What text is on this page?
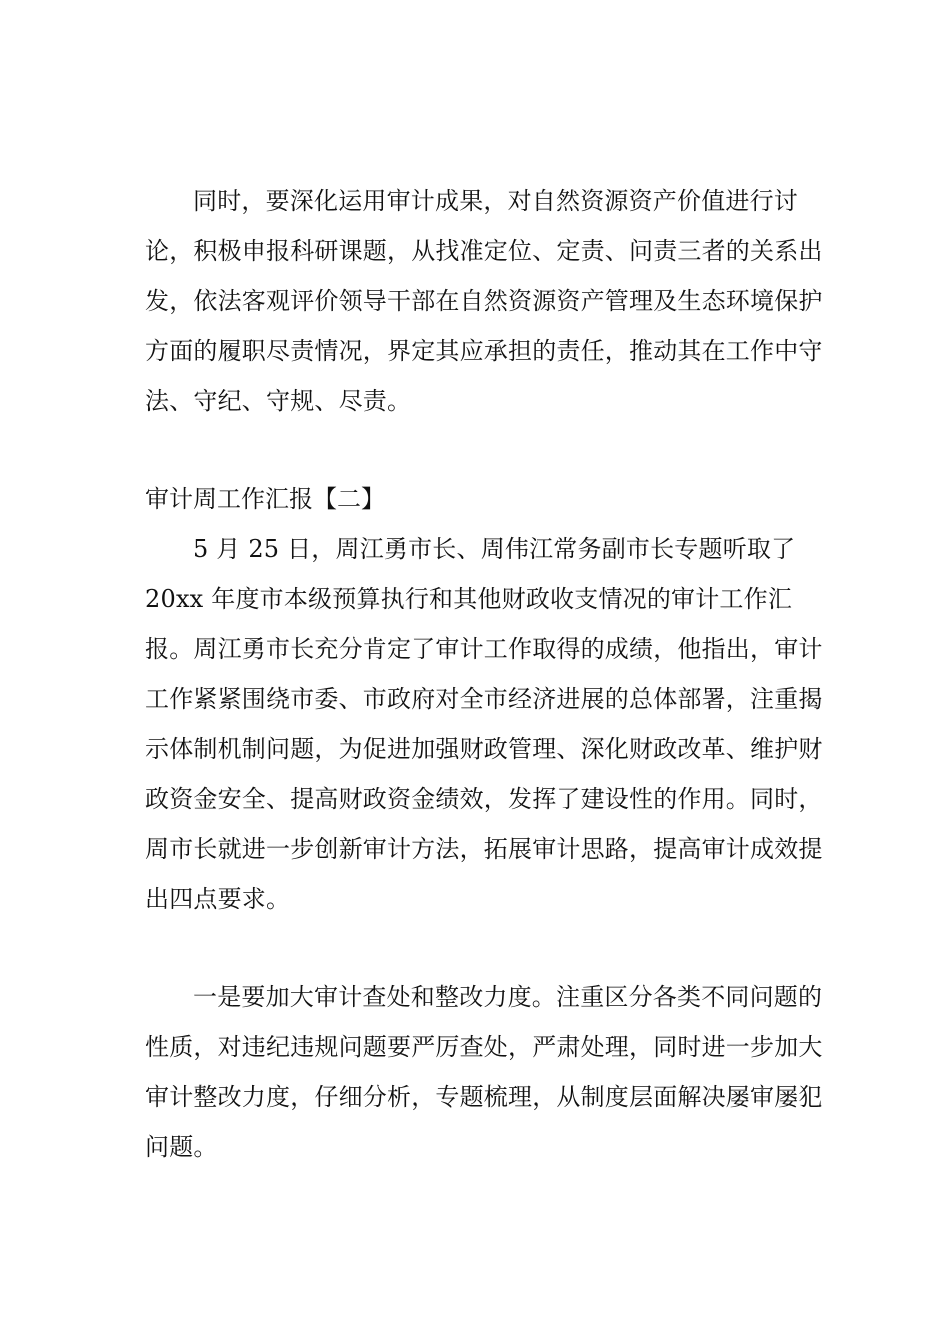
同时，要深化运用审计成果，对自然资源资产价值进行讨论，积极申报科研课题，从找准定位、定责、问责三者的关系出发，依法客观评价领导干部在自然资源资产管理及生态环境保护方面的履职尽责情况，界定其应承担的责任，推动其在工作中守法、守纪、守规、尽责。

审计周工作汇报【二】

5 月 25 日，周江勇市长、周伟江常务副市长专题听取了20xx 年度市本级预算执行和其他财政收支情况的审计工作汇报。周江勇市长充分肯定了审计工作取得的成绩，他指出，审计工作紧紧围绕市委、市政府对全市经济进展的总体部署，注重揭示体制机制问题，为促进加强财政管理、深化财政改革、维护财政资金安全、提高财政资金绩效，发挥了建设性的作用。同时，周市长就进一步创新审计方法，拓展审计思路，提高审计成效提出四点要求。

一是要加大审计查处和整改力度。注重区分各类不同问题的性质，对违纪违规问题要严厉查处，严肃处理，同时进一步加大审计整改力度，仔细分析，专题梳理，从制度层面解决屡审屡犯问题。
